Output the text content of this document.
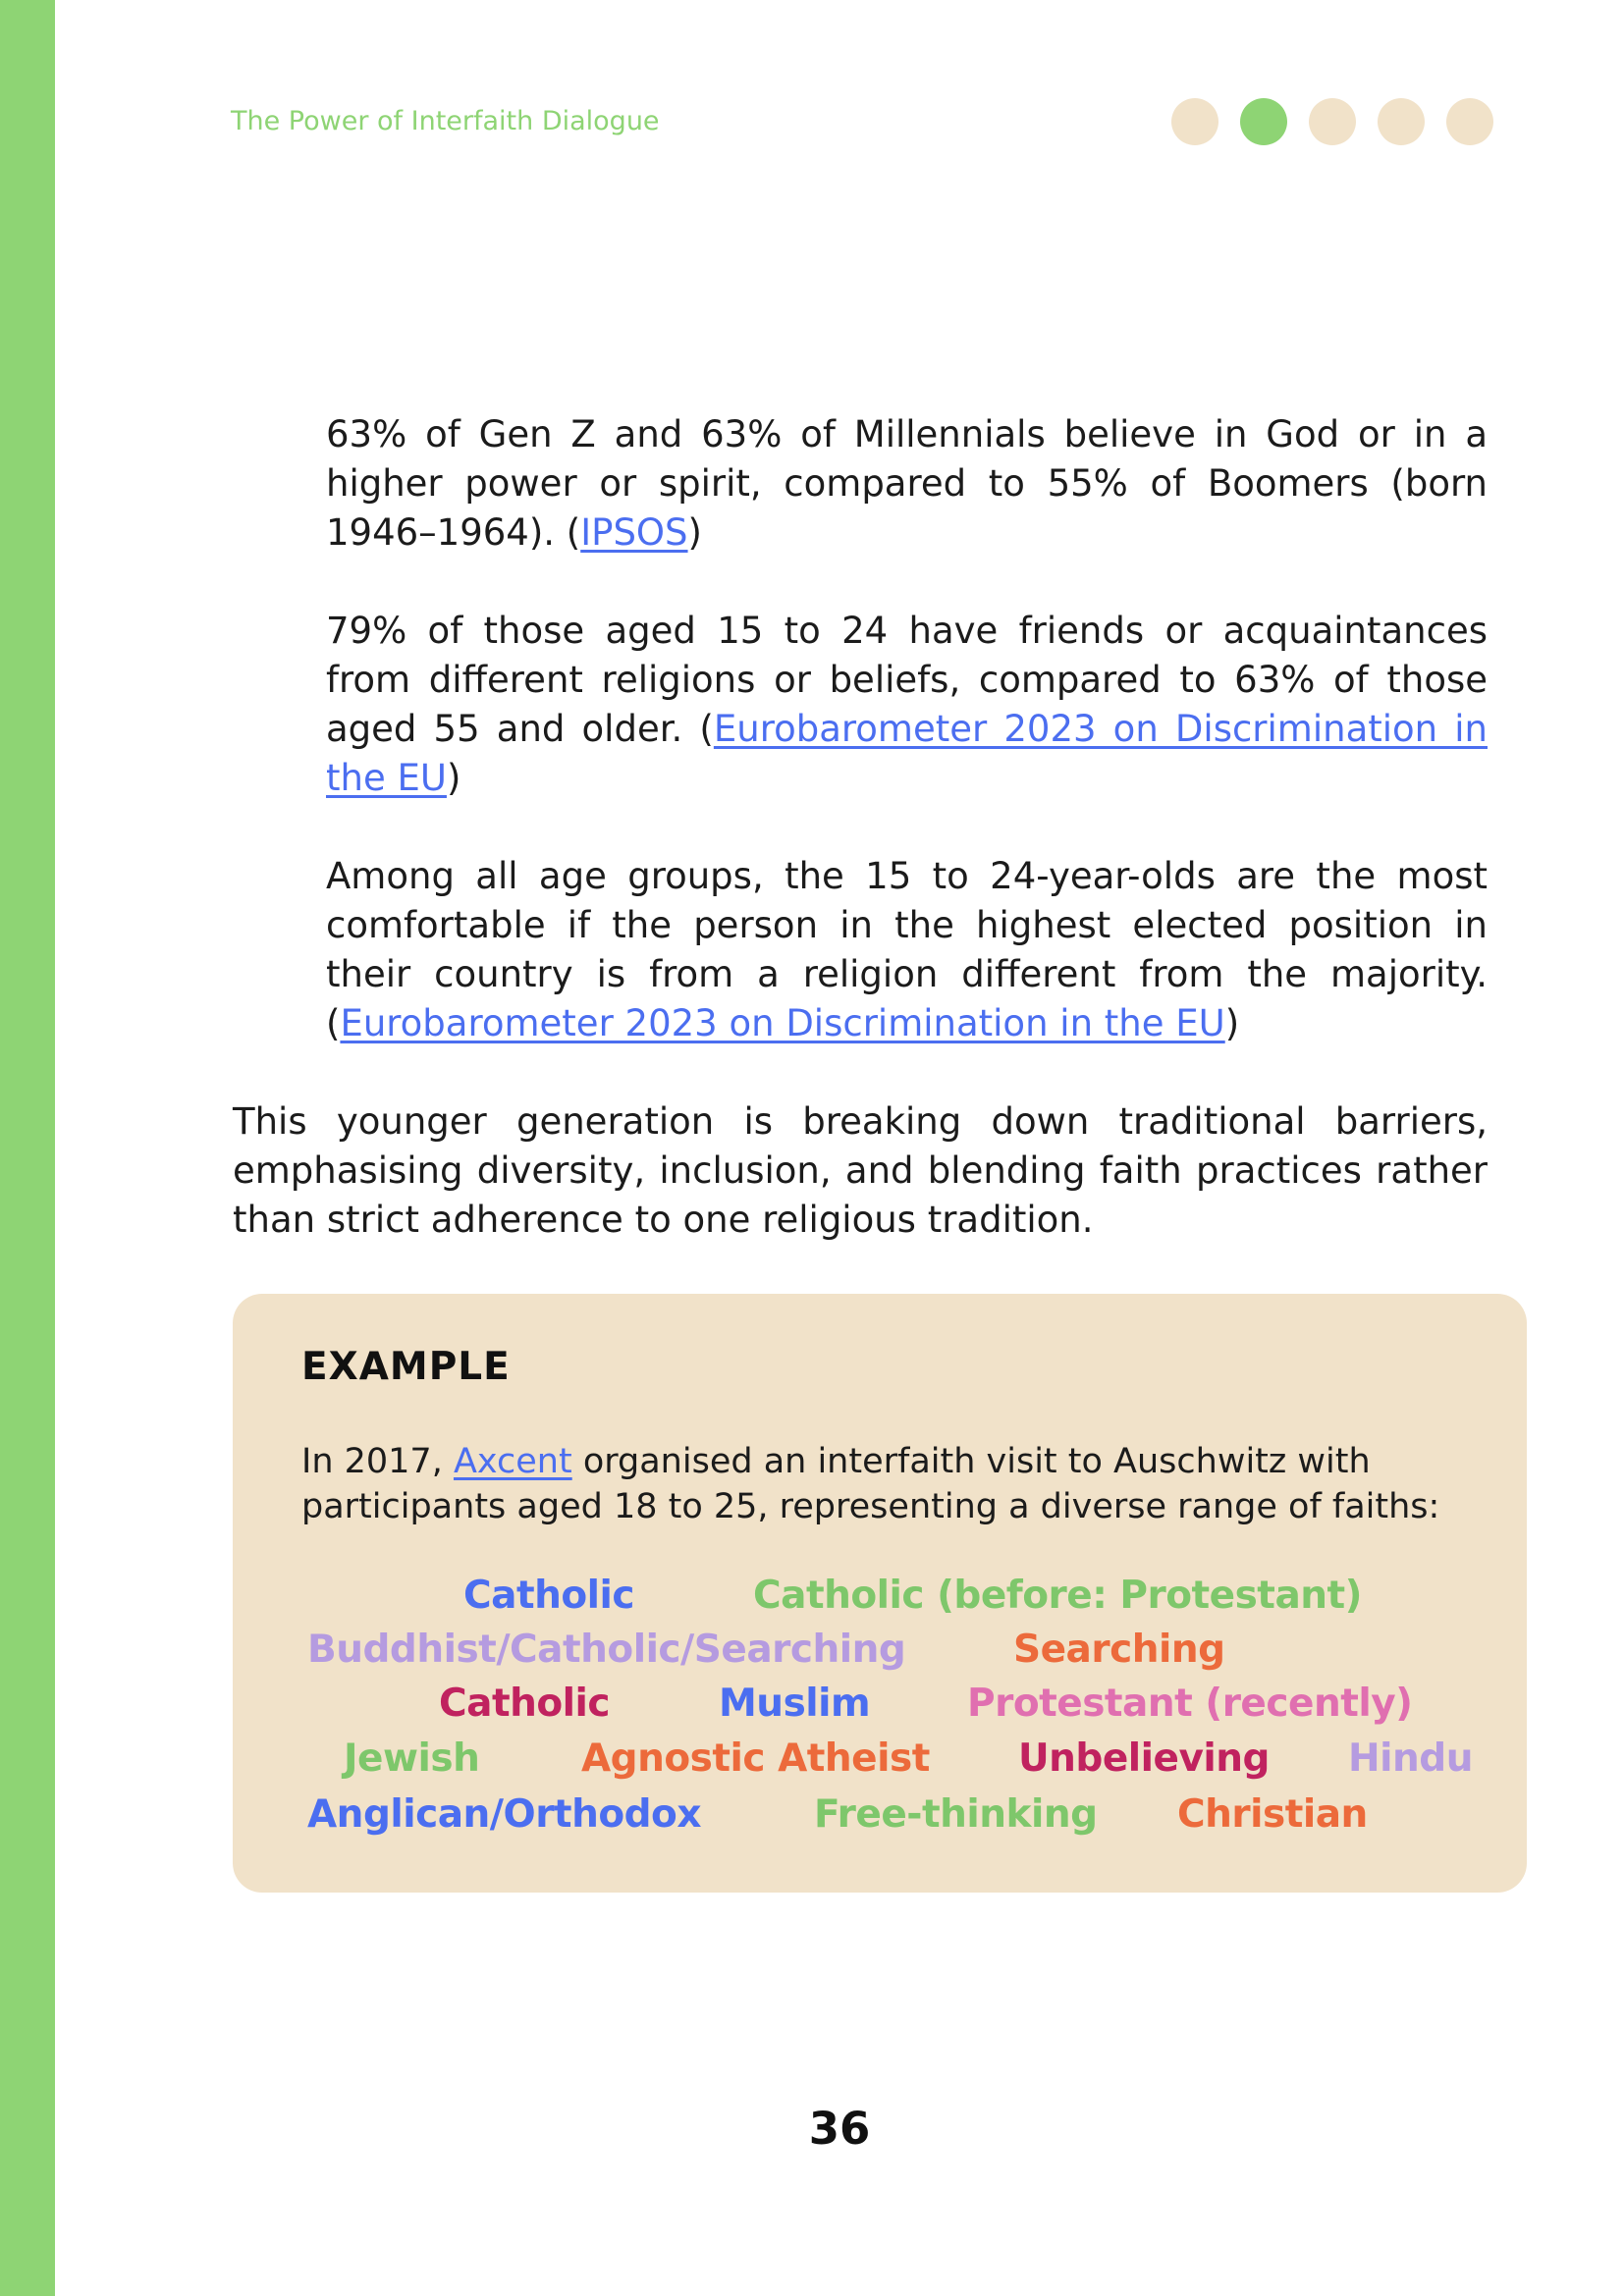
The Power of Interfaith Dialogue

63% of Gen Z and 63% of Millennials believe in God or in a higher power or spirit, compared to 55% of Boomers (born 1946–1964). (IPSOS)

79% of those aged 15 to 24 have friends or acquaintances from different religions or beliefs, compared to 63% of those aged 55 and older. (Eurobarometer 2023 on Discrimination in the EU)

Among all age groups, the 15 to 24-year-olds are the most comfortable if the person in the highest elected position in their country is from a religion different from the majority. (Eurobarometer 2023 on Discrimination in the EU)

This younger generation is breaking down traditional barriers, emphasising diversity, inclusion, and blending faith practices rather than strict adherence to one religious tradition.

EXAMPLE

In 2017, Axcent organised an interfaith visit to Auschwitz with participants aged 18 to 25, representing a diverse range of faiths:

Catholic	Catholic (before: Protestant)
Buddhist/Catholic/Searching	Searching
Catholic	Muslim	Protestant (recently)
Jewish	Agnostic Atheist Unbelieving Hindu
Anglican/Orthodox	Free-thinking Christian
36
